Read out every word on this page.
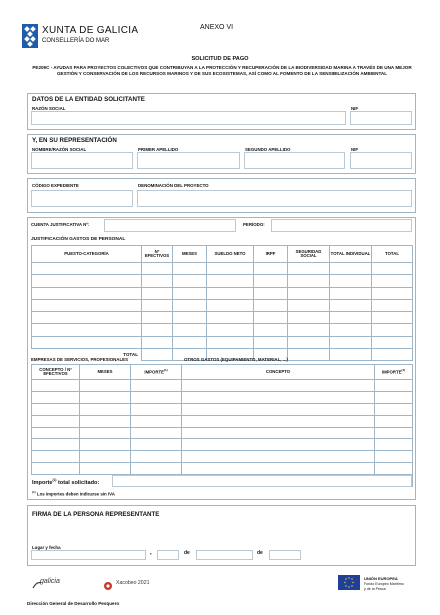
XUNTA DE GALICIA
CONSELLERÍA DO MAR
ANEXO VI
SOLICITUD DE PAGO
PE209C - AYUDAS PARA PROYECTOS COLECTIVOS QUE CONTRIBUYAN A LA PROTECCIÓN Y RECUPERACIÓN DE LA BIODIVERSIDAD MARINA A TRAVÉS DE UNA MEJOR GESTIÓN Y CONSERVACIÓN DE LOS RECURSOS MARINOS Y DE SUS ECOSISTEMAS, ASÍ COMO AL FOMENTO DE LA SENSIBILIZACIÓN AMBIENTAL
DATOS DE LA ENTIDAD SOLICITANTE
RAZÓN SOCIAL	NIF
Y, EN SU REPRESENTACIÓN
NOMBRE/RAZÓN SOCIAL	PRIMER APELLIDO	SEGUNDO APELLIDO	NIF
CÓDIGO EXPEDIENTE	DENOMINACIÓN DEL PROYECTO
CUENTA JUSTIFICATIVA Nº:	PERÍODO:
JUSTIFICACIÓN GASTOS DE PERSONAL
PUESTO-CATEGORÍA	Nº EFECTIVOS	MESES	SUELDO NETO	IRPF	SEGURIDAD SOCIAL	TOTAL INDIVIDUAL	TOTAL

TOTAL							
EMPRESAS DE SERVICIOS, PROFESIONALES	OTROS GASTOS (EQUIPAMIENTO, MATERIAL, ...)
CONCEPTO / Nº EFECTIVOS	MESES	IMPORTE$^{(1)}$	CONCEPTO	IMPORTE$^{(1)}$

Importe$^{(1)}$ total solicitado:
$^{(1)}$ Los importes deben indicarse sin IVA
FIRMA DE LA PERSONA REPRESENTANTE
Lugar y fecha
,	de	de
galicia	Xacobeo 2021
UNIÓN EUROPEA
Fondo Europeo Marítimo
y de la Pesca
Dirección General de Desarrollo Pesquero
